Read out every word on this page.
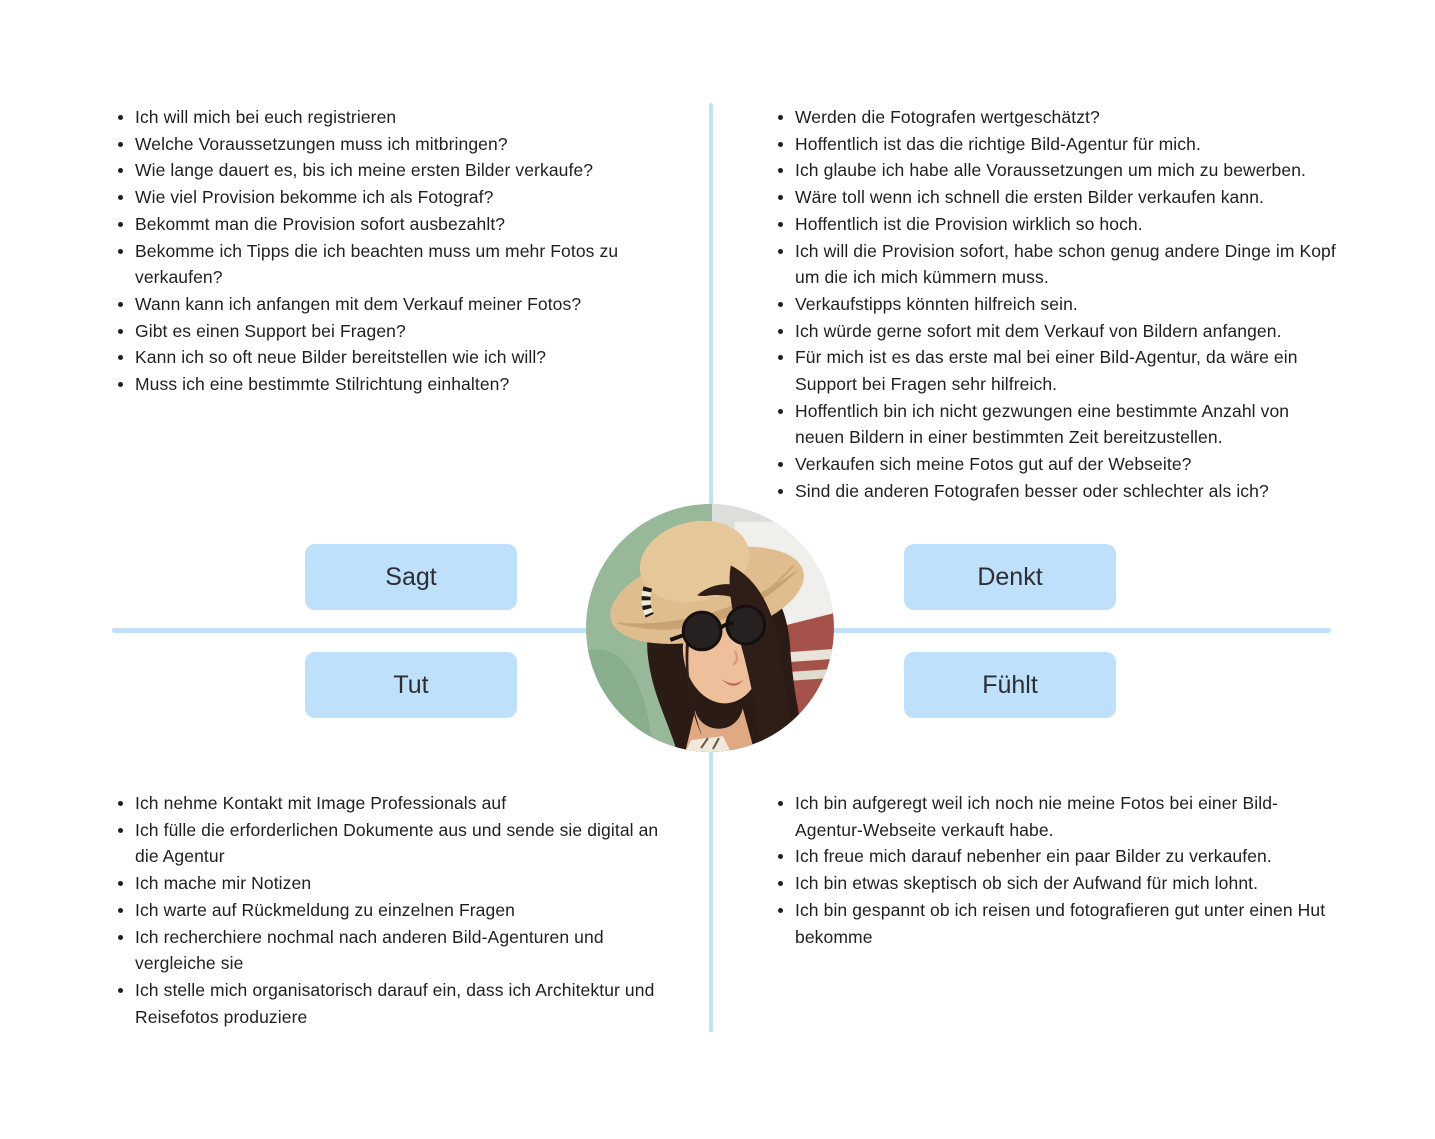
Ich will mich bei euch registrieren
Welche Voraussetzungen muss ich mitbringen?
Wie lange dauert es, bis ich meine ersten Bilder verkaufe?
Wie viel Provision bekomme ich als Fotograf?
Bekommt man die Provision sofort ausbezahlt?
Bekomme ich Tipps die ich beachten muss um mehr Fotos zu verkaufen?
Wann kann ich anfangen mit dem Verkauf meiner Fotos?
Gibt es einen Support bei Fragen?
Kann ich so oft neue Bilder bereitstellen wie ich will?
Muss ich eine bestimmte Stilrichtung einhalten?
Werden die Fotografen wertgeschätzt?
Hoffentlich ist das die richtige Bild-Agentur für mich.
Ich glaube ich habe alle Voraussetzungen um mich zu bewerben.
Wäre toll wenn ich schnell die ersten Bilder verkaufen kann.
Hoffentlich ist die Provision wirklich so hoch.
Ich will die Provision sofort, habe schon genug andere Dinge im Kopf um die ich mich kümmern muss.
Verkaufstipps könnten hilfreich sein.
Ich würde gerne sofort mit dem Verkauf von Bildern anfangen.
Für mich ist es das erste mal bei einer Bild-Agentur, da wäre ein Support bei Fragen sehr hilfreich.
Hoffentlich bin ich nicht gezwungen eine bestimmte Anzahl von neuen Bildern in einer bestimmten Zeit bereitzustellen.
Verkaufen sich meine Fotos gut auf der Webseite?
Sind die anderen Fotografen besser oder schlechter als ich?
Ich nehme Kontakt mit Image Professionals auf
Ich fülle die erforderlichen Dokumente aus und sende sie digital an die Agentur
Ich mache mir Notizen
Ich warte auf Rückmeldung zu einzelnen Fragen
Ich recherchiere nochmal nach anderen Bild-Agenturen und vergleiche sie
Ich stelle mich organisatorisch darauf ein, dass ich Architektur und Reisefotos produziere
Ich bin aufgeregt weil ich noch nie meine Fotos bei einer Bild-Agentur-Webseite verkauft habe.
Ich freue mich darauf nebenher ein paar Bilder zu verkaufen.
Ich bin etwas skeptisch ob sich der Aufwand für mich lohnt.
Ich bin gespannt ob ich reisen und fotografieren gut unter einen Hut bekomme
Sagt	Denkt
Tut	Fühlt
